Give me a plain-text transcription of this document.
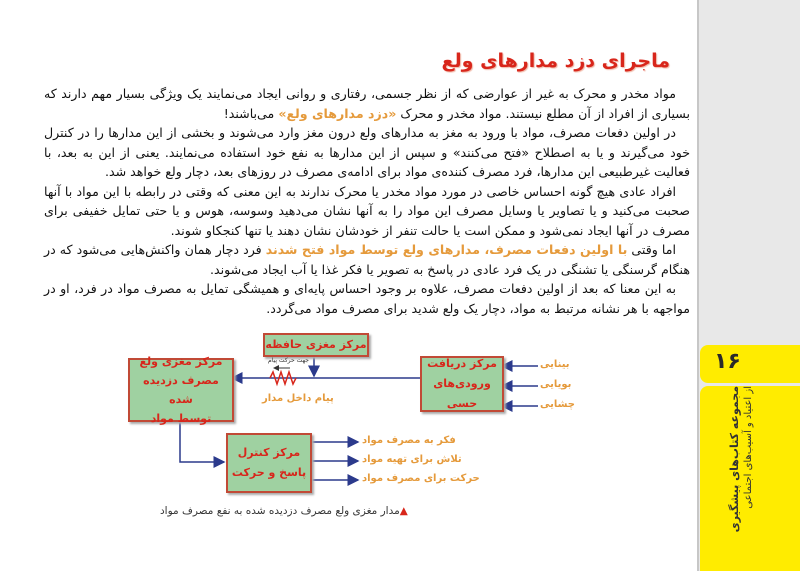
۱۶
مجموعه کتاب‌های پیشگیری از اعتیاد و آسیب‌های اجتماعی
ماجرای دزد مدارهای ولع

مواد مخدر و محرک به غیر از عوارضی که از نظر جسمی، رفتاری و روانی ایجاد می‌نمایند یک ویژگی بسیار مهم دارند که بسیاری از افراد از آن مطلع نیستند. مواد مخدر و محرک «دزد مدارهای ولع» می‌باشند!

در اولین دفعات مصرف، مواد با ورود به مغز به مدارهای ولع درون مغز وارد می‌شوند و بخشی از این مدارها را در کنترل خود می‌گیرند و یا به اصطلاح «فتح می‌کنند» و سپس از این مدارها به نفع خود استفاده می‌نمایند. یعنی از این به بعد، با فعالیت غیرطبیعی این مدارها، فرد مصرف کننده‌ی مواد برای ادامه‌ی مصرف در روزهای بعد، دچار ولع خواهد شد.

افراد عادی هیچ گونه احساس خاصی در مورد مواد مخدر یا محرک ندارند به این معنی که وقتی در رابطه با این مواد با آنها صحبت می‌کنید و یا تصاویر یا وسایل مصرف این مواد را به آنها نشان می‌دهید وسوسه، هوس و یا حتی تمایل خفیفی برای مصرف در آنها ایجاد نمی‌شود و ممکن است یا حالت تنفر از خودشان نشان دهند یا تنها کنجکاو شوند.

اما وقتی با اولین دفعات مصرف، مدارهای ولع توسط مواد فتح شدند فرد دچار همان واکنش‌هایی می‌شود که در هنگام گرسنگی یا تشنگی در یک فرد عادی در پاسخ به تصویر یا فکر غذا یا آب ایجاد می‌شوند.

به این معنا که بعد از اولین دفعات مصرف، علاوه بر وجود احساس پایه‌ای و همیشگی تمایل به مصرف مواد در فرد، او در مواجهه با هر نشانه مرتبط به مواد، دچار یک ولع شدید برای مصرف مواد می‌گردد.

مرکز مغزی حافظه
مرکز مغزی ولع
مصرف دزدیده شده
توسط مواد
مرکز دریافت
ورودی‌های حسی
مرکز کنترل
پاسخ و حرکت
جهت حرکت پیام
پیام داخل مدار
بینایی
بویایی
چشایی
فکر به مصرف مواد
تلاش برای تهیه مواد
حرکت برای مصرف مواد
▲مدار مغزی ولع مصرف دزدیده شده به نفع مصرف مواد
